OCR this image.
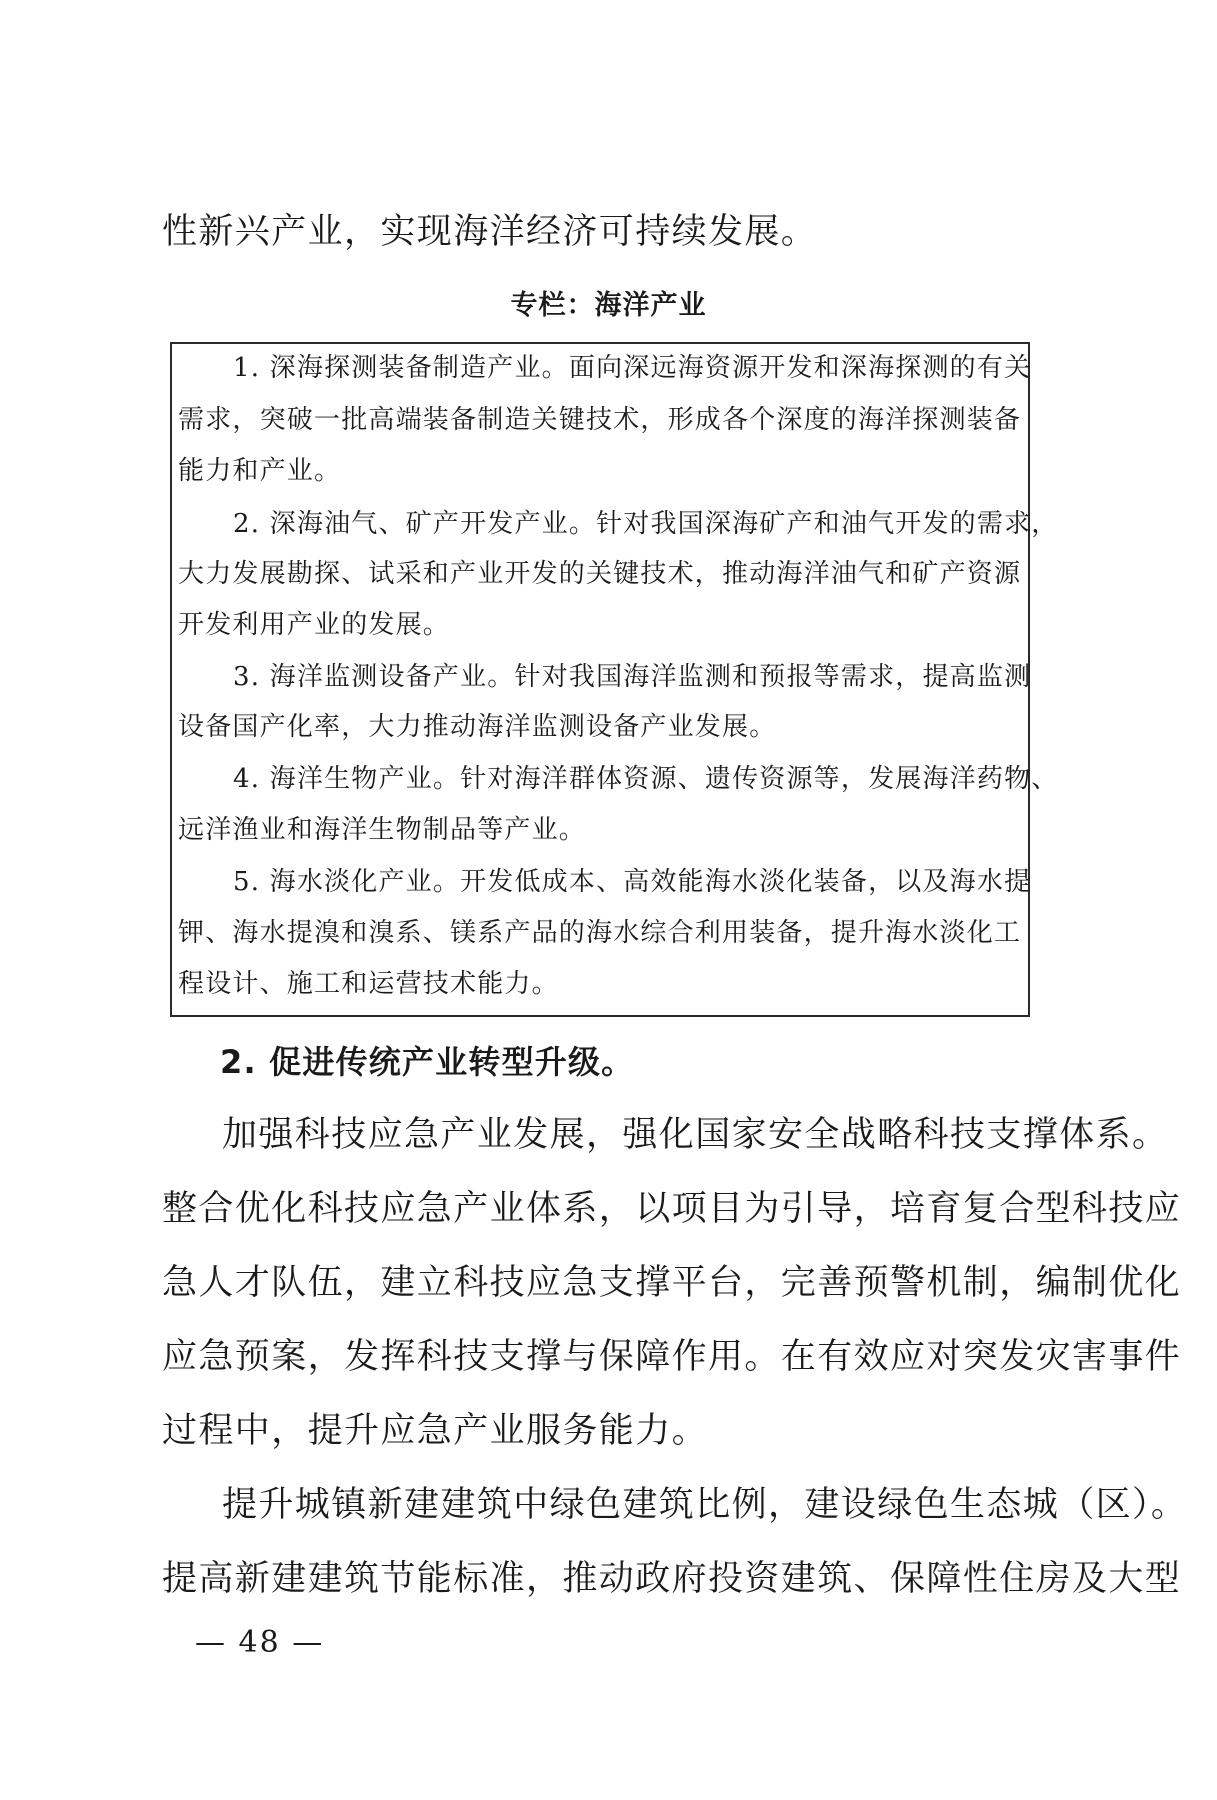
性新兴产业，实现海洋经济可持续发展。
专栏：海洋产业
1. 深海探测装备制造产业。面向深远海资源开发和深海探测的有关
需求，突破一批高端装备制造关键技术，形成各个深度的海洋探测装备
能力和产业。
2. 深海油气、矿产开发产业。针对我国深海矿产和油气开发的需求，
大力发展勘探、试采和产业开发的关键技术，推动海洋油气和矿产资源
开发利用产业的发展。
3. 海洋监测设备产业。针对我国海洋监测和预报等需求，提高监测
设备国产化率，大力推动海洋监测设备产业发展。
4. 海洋生物产业。针对海洋群体资源、遗传资源等，发展海洋药物、
远洋渔业和海洋生物制品等产业。
5. 海水淡化产业。开发低成本、高效能海水淡化装备，以及海水提
钾、海水提溴和溴系、镁系产品的海水综合利用装备，提升海水淡化工
程设计、施工和运营技术能力。
2. 促进传统产业转型升级。
加强科技应急产业发展，强化国家安全战略科技支撑体系。
整合优化科技应急产业体系，以项目为引导，培育复合型科技应
急人才队伍，建立科技应急支撑平台，完善预警机制，编制优化
应急预案，发挥科技支撑与保障作用。在有效应对突发灾害事件
过程中，提升应急产业服务能力。
提升城镇新建建筑中绿色建筑比例，建设绿色生态城（区）。
提高新建建筑节能标准，推动政府投资建筑、保障性住房及大型
— 48 —
